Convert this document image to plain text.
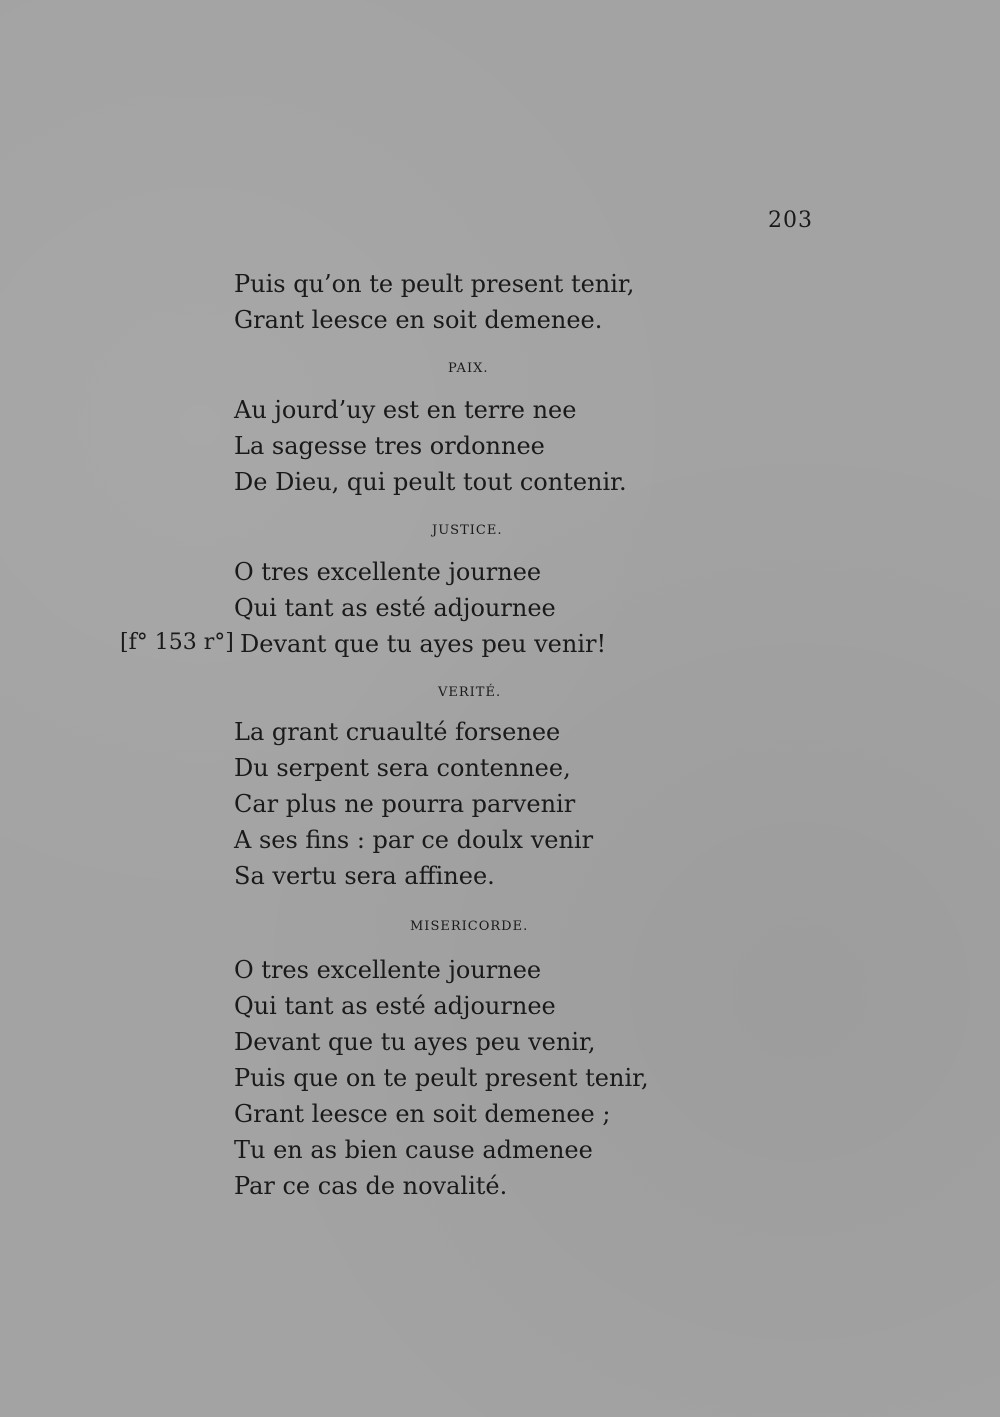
203
Puis qu’on te peult present tenir,
Grant leesce en soit demenee.
PAIX.
Au jourd’uy est en terre nee
La sagesse tres ordonnee
De Dieu, qui peult tout contenir.
JUSTICE.
O tres excellente journee
Qui tant as esté adjournee
[f° 153 r°] Devant que tu ayes peu venir!
VERITÉ.
La grant cruaulté forsenee
Du serpent sera contennee,
Car plus ne pourra parvenir
A ses fins : par ce doulx venir
Sa vertu sera affinee.
MISERICORDE.
O tres excellente journee
Qui tant as esté adjournee
Devant que tu ayes peu venir,
Puis que on te peult present tenir,
Grant leesce en soit demenee ;
Tu en as bien cause admenee
Par ce cas de novalité.
